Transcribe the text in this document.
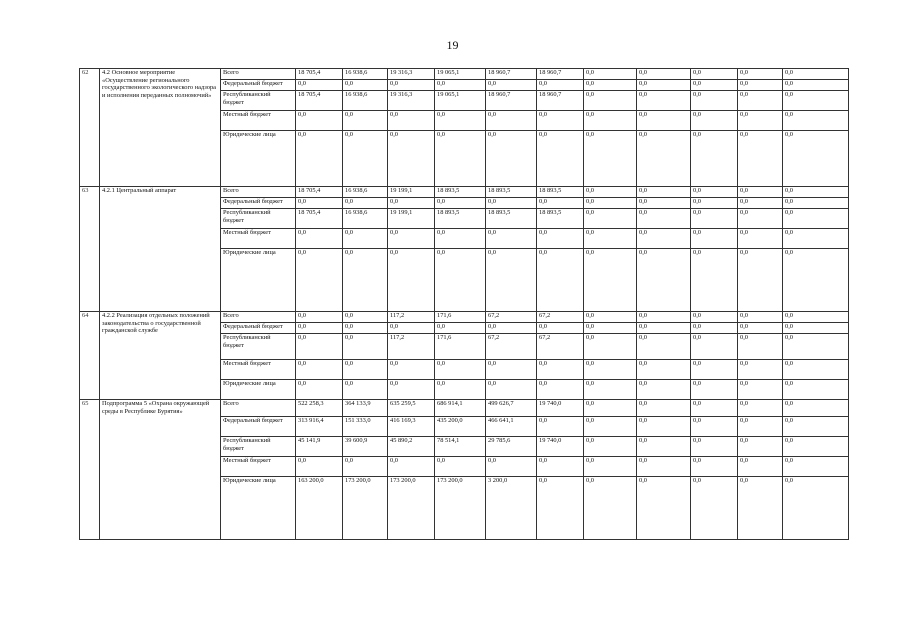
19
62	4.2 Основное мероприятие «Осуществление регионального государственного экологического надзора и исполнения переданных полномочий»	Всего	18 705,4	16 938,6	19 316,3	19 065,1	18 960,7	18 960,7	0,0	0,0	0,0	0,0	0,0
		Федеральный бюджет	0,0	0,0	0,0	0,0	0,0	0,0	0,0	0,0	0,0	0,0	0,0
		Республиканский бюджет	18 705,4	16 938,6	19 316,3	19 065,1	18 960,7	18 960,7	0,0	0,0	0,0	0,0	0,0
		Местный бюджет	0,0	0,0	0,0	0,0	0,0	0,0	0,0	0,0	0,0	0,0	0,0
		Юридические лица	0,0	0,0	0,0	0,0	0,0	0,0	0,0	0,0	0,0	0,0	0,0
63	4.2.1 Центральный аппарат	Всего	18 705,4	16 938,6	19 199,1	18 893,5	18 893,5	18 893,5	0,0	0,0	0,0	0,0	0,0
		Федеральный бюджет	0,0	0,0	0,0	0,0	0,0	0,0	0,0	0,0	0,0	0,0	0,0
		Республиканский бюджет	18 705,4	16 938,6	19 199,1	18 893,5	18 893,5	18 893,5	0,0	0,0	0,0	0,0	0,0
		Местный бюджет	0,0	0,0	0,0	0,0	0,0	0,0	0,0	0,0	0,0	0,0	0,0
		Юридические лица	0,0	0,0	0,0	0,0	0,0	0,0	0,0	0,0	0,0	0,0	0,0
64	4.2.2 Реализация отдельных положений законодательства о государственной гражданской службе	Всего	0,0	0,0	117,2	171,6	67,2	67,2	0,0	0,0	0,0	0,0	0,0
		Федеральный бюджет	0,0	0,0	0,0	0,0	0,0	0,0	0,0	0,0	0,0	0,0	0,0
		Республиканский бюджет	0,0	0,0	117,2	171,6	67,2	67,2	0,0	0,0	0,0	0,0	0,0
		Местный бюджет	0,0	0,0	0,0	0,0	0,0	0,0	0,0	0,0	0,0	0,0	0,0
		Юридические лица	0,0	0,0	0,0	0,0	0,0	0,0	0,0	0,0	0,0	0,0	0,0
65	Подпрограмма 5 «Охрана окружающей среды в Республике Бурятия»	Всего	522 258,3	364 133,9	635 259,5	686 914,1	499 626,7	19 740,0	0,0	0,0	0,0	0,0	0,0
		Федеральный бюджет	313 916,4	151 333,0	416 169,3	435 200,0	466 641,1	0,0	0,0	0,0	0,0	0,0	0,0
		Республиканский бюджет	45 141,9	39 600,9	45 890,2	78 514,1	29 785,6	19 740,0	0,0	0,0	0,0	0,0	0,0
		Местный бюджет	0,0	0,0	0,0	0,0	0,0	0,0	0,0	0,0	0,0	0,0	0,0
		Юридические лица	163 200,0	173 200,0	173 200,0	173 200,0	3 200,0	0,0	0,0	0,0	0,0	0,0	0,0
